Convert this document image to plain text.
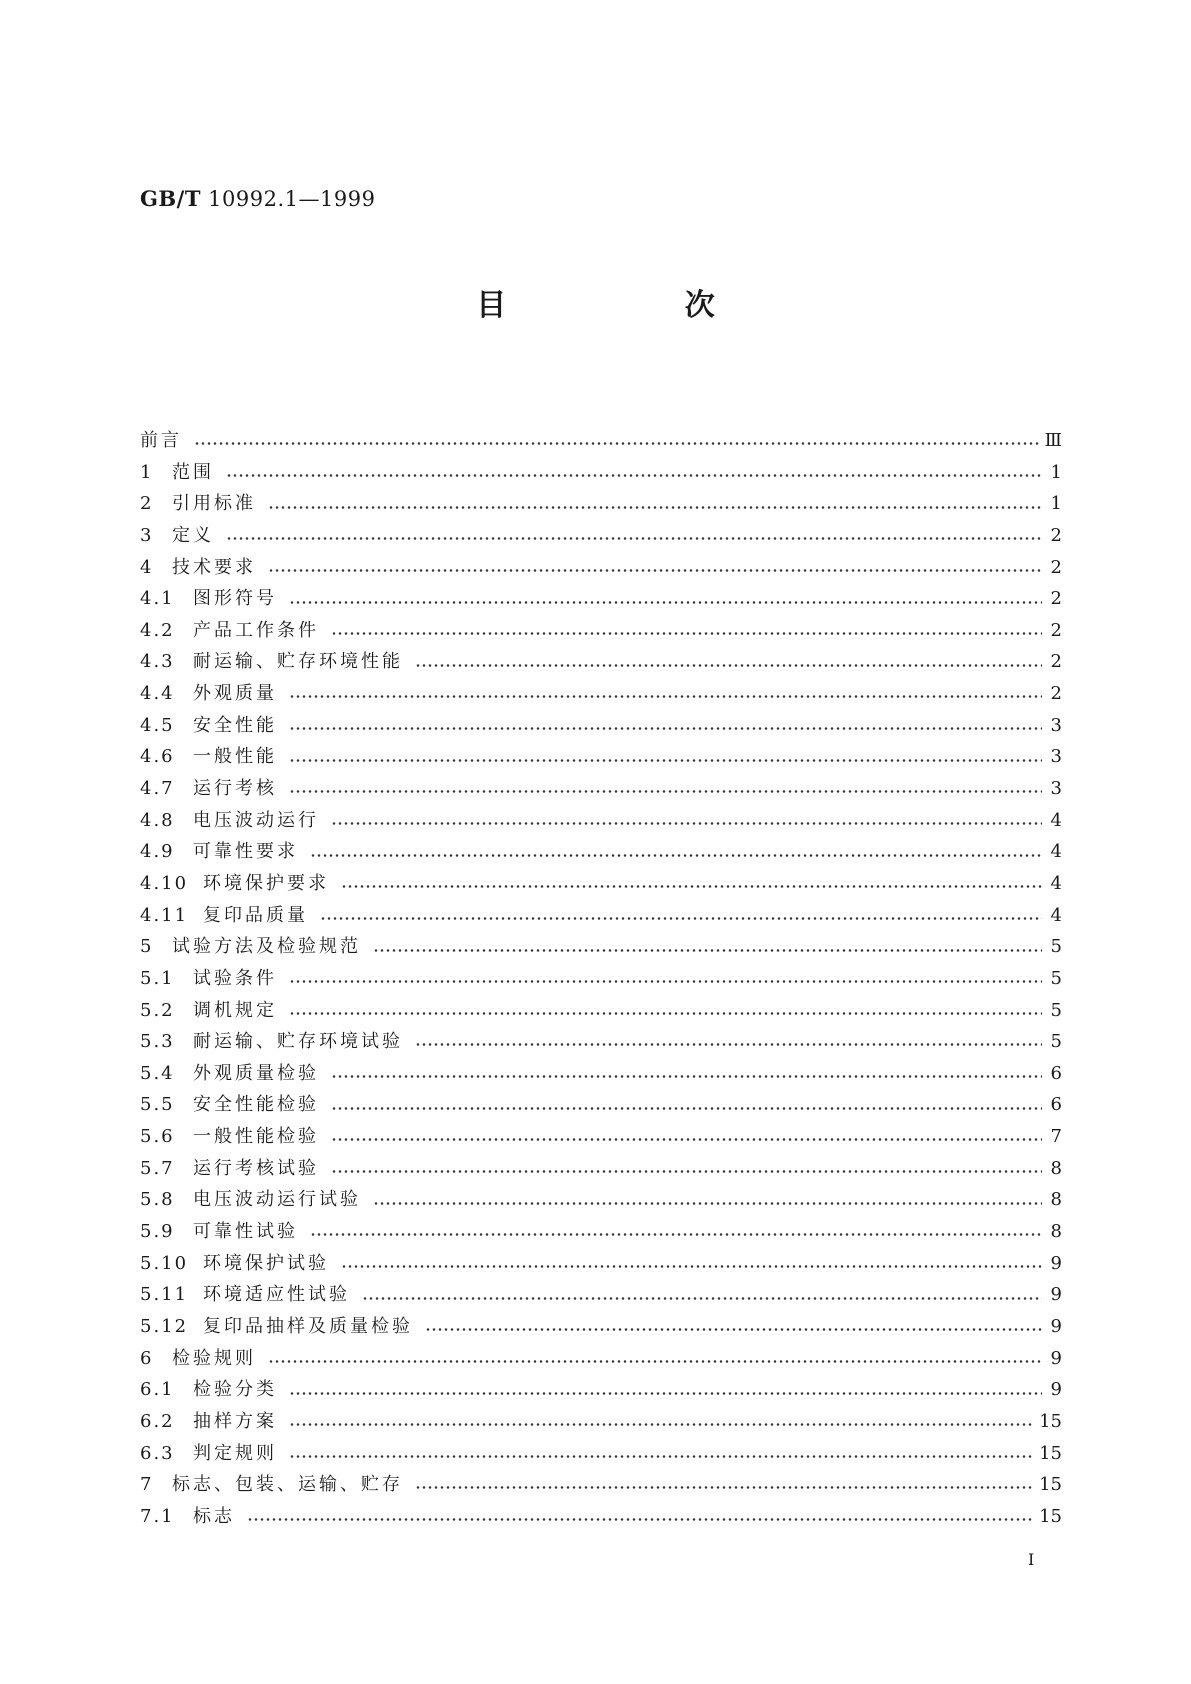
GB/T 10992.1—1999
目 次
前言	Ⅲ
1	范围	1
2	引用标准	1
3	定义	2
4	技术要求	2
4.1	图形符号	2
4.2	产品工作条件	2
4.3	耐运输、贮存环境性能	2
4.4	外观质量	2
4.5	安全性能	3
4.6	一般性能	3
4.7	运行考核	3
4.8	电压波动运行	4
4.9	可靠性要求	4
4.10 环境保护要求	4
4.11 复印品质量	4
5	试验方法及检验规范	5
5.1	试验条件	5
5.2	调机规定	5
5.3	耐运输、贮存环境试验	5
5.4	外观质量检验	6
5.5	安全性能检验	6
5.6	一般性能检验	7
5.7	运行考核试验	8
5.8	电压波动运行试验	8
5.9	可靠性试验	8
5.10 环境保护试验	9
5.11 环境适应性试验	9
5.12 复印品抽样及质量检验	9
6	检验规则	9
6.1	检验分类	9
6.2	抽样方案	15
6.3	判定规则	15
7	标志、包装、运输、贮存	15
7.1	标志	15
Ⅰ
